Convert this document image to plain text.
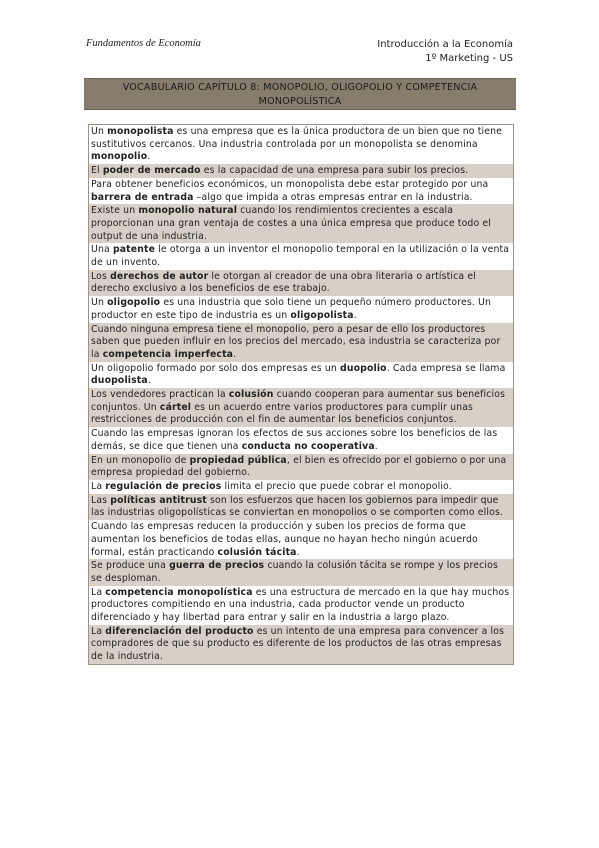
Fundamentos de Economía	Introducción a la Economía
1º Marketing - US
VOCABULARIO CAPÍTULO 8: MONOPOLIO, OLIGOPOLIO Y COMPETENCIA
MONOPOLÍSTICA
Un monopolista es una empresa que es la única productora de un bien que no tiene sustitutivos cercanos. Una industria controlada por un monopolista se denomina monopolio.
El poder de mercado es la capacidad de una empresa para subir los precios.
Para obtener beneficios económicos, un monopolista debe estar protegido por una barrera de entrada –algo que impida a otras empresas entrar en la industria.
Existe un monopolio natural cuando los rendimientos crecientes a escala proporcionan una gran ventaja de costes a una única empresa que produce todo el output de una industria.
Una patente le otorga a un inventor el monopolio temporal en la utilización o la venta de un invento.
Los derechos de autor le otorgan al creador de una obra literaria o artística el derecho exclusivo a los beneficios de ese trabajo.
Un oligopolio es una industria que solo tiene un pequeño número productores. Un productor en este tipo de industria es un oligopolista.
Cuando ninguna empresa tiene el monopolio, pero a pesar de ello los productores saben que pueden influir en los precios del mercado, esa industria se caracteriza por la competencia imperfecta.
Un oligopolio formado por solo dos empresas es un duopolio. Cada empresa se llama duopolista.
Los vendedores practican la colusión cuando cooperan para aumentar sus beneficios conjuntos. Un cártel es un acuerdo entre varios productores para cumplir unas restricciones de producción con el fin de aumentar los beneficios conjuntos.
Cuando las empresas ignoran los efectos de sus acciones sobre los beneficios de las demás, se dice que tienen una conducta no cooperativa.
En un monopolio de propiedad pública, el bien es ofrecido por el gobierno o por una empresa propiedad del gobierno.
La regulación de precios limita el precio que puede cobrar el monopolio.
Las políticas antitrust son los esfuerzos que hacen los gobiernos para impedir que las industrias oligopolísticas se conviertan en monopolios o se comporten como ellos.
Cuando las empresas reducen la producción y suben los precios de forma que aumentan los beneficios de todas ellas, aunque no hayan hecho ningún acuerdo formal, están practicando colusión tácita.
Se produce una guerra de precios cuando la colusión tácita se rompe y los precios se desploman.
La competencia monopolística es una estructura de mercado en la que hay muchos productores compitiendo en una industria, cada productor vende un producto diferenciado y hay libertad para entrar y salir en la industria a largo plazo.
La diferenciación del producto es un intento de una empresa para convencer a los compradores de que su producto es diferente de los productos de las otras empresas de la industria.
